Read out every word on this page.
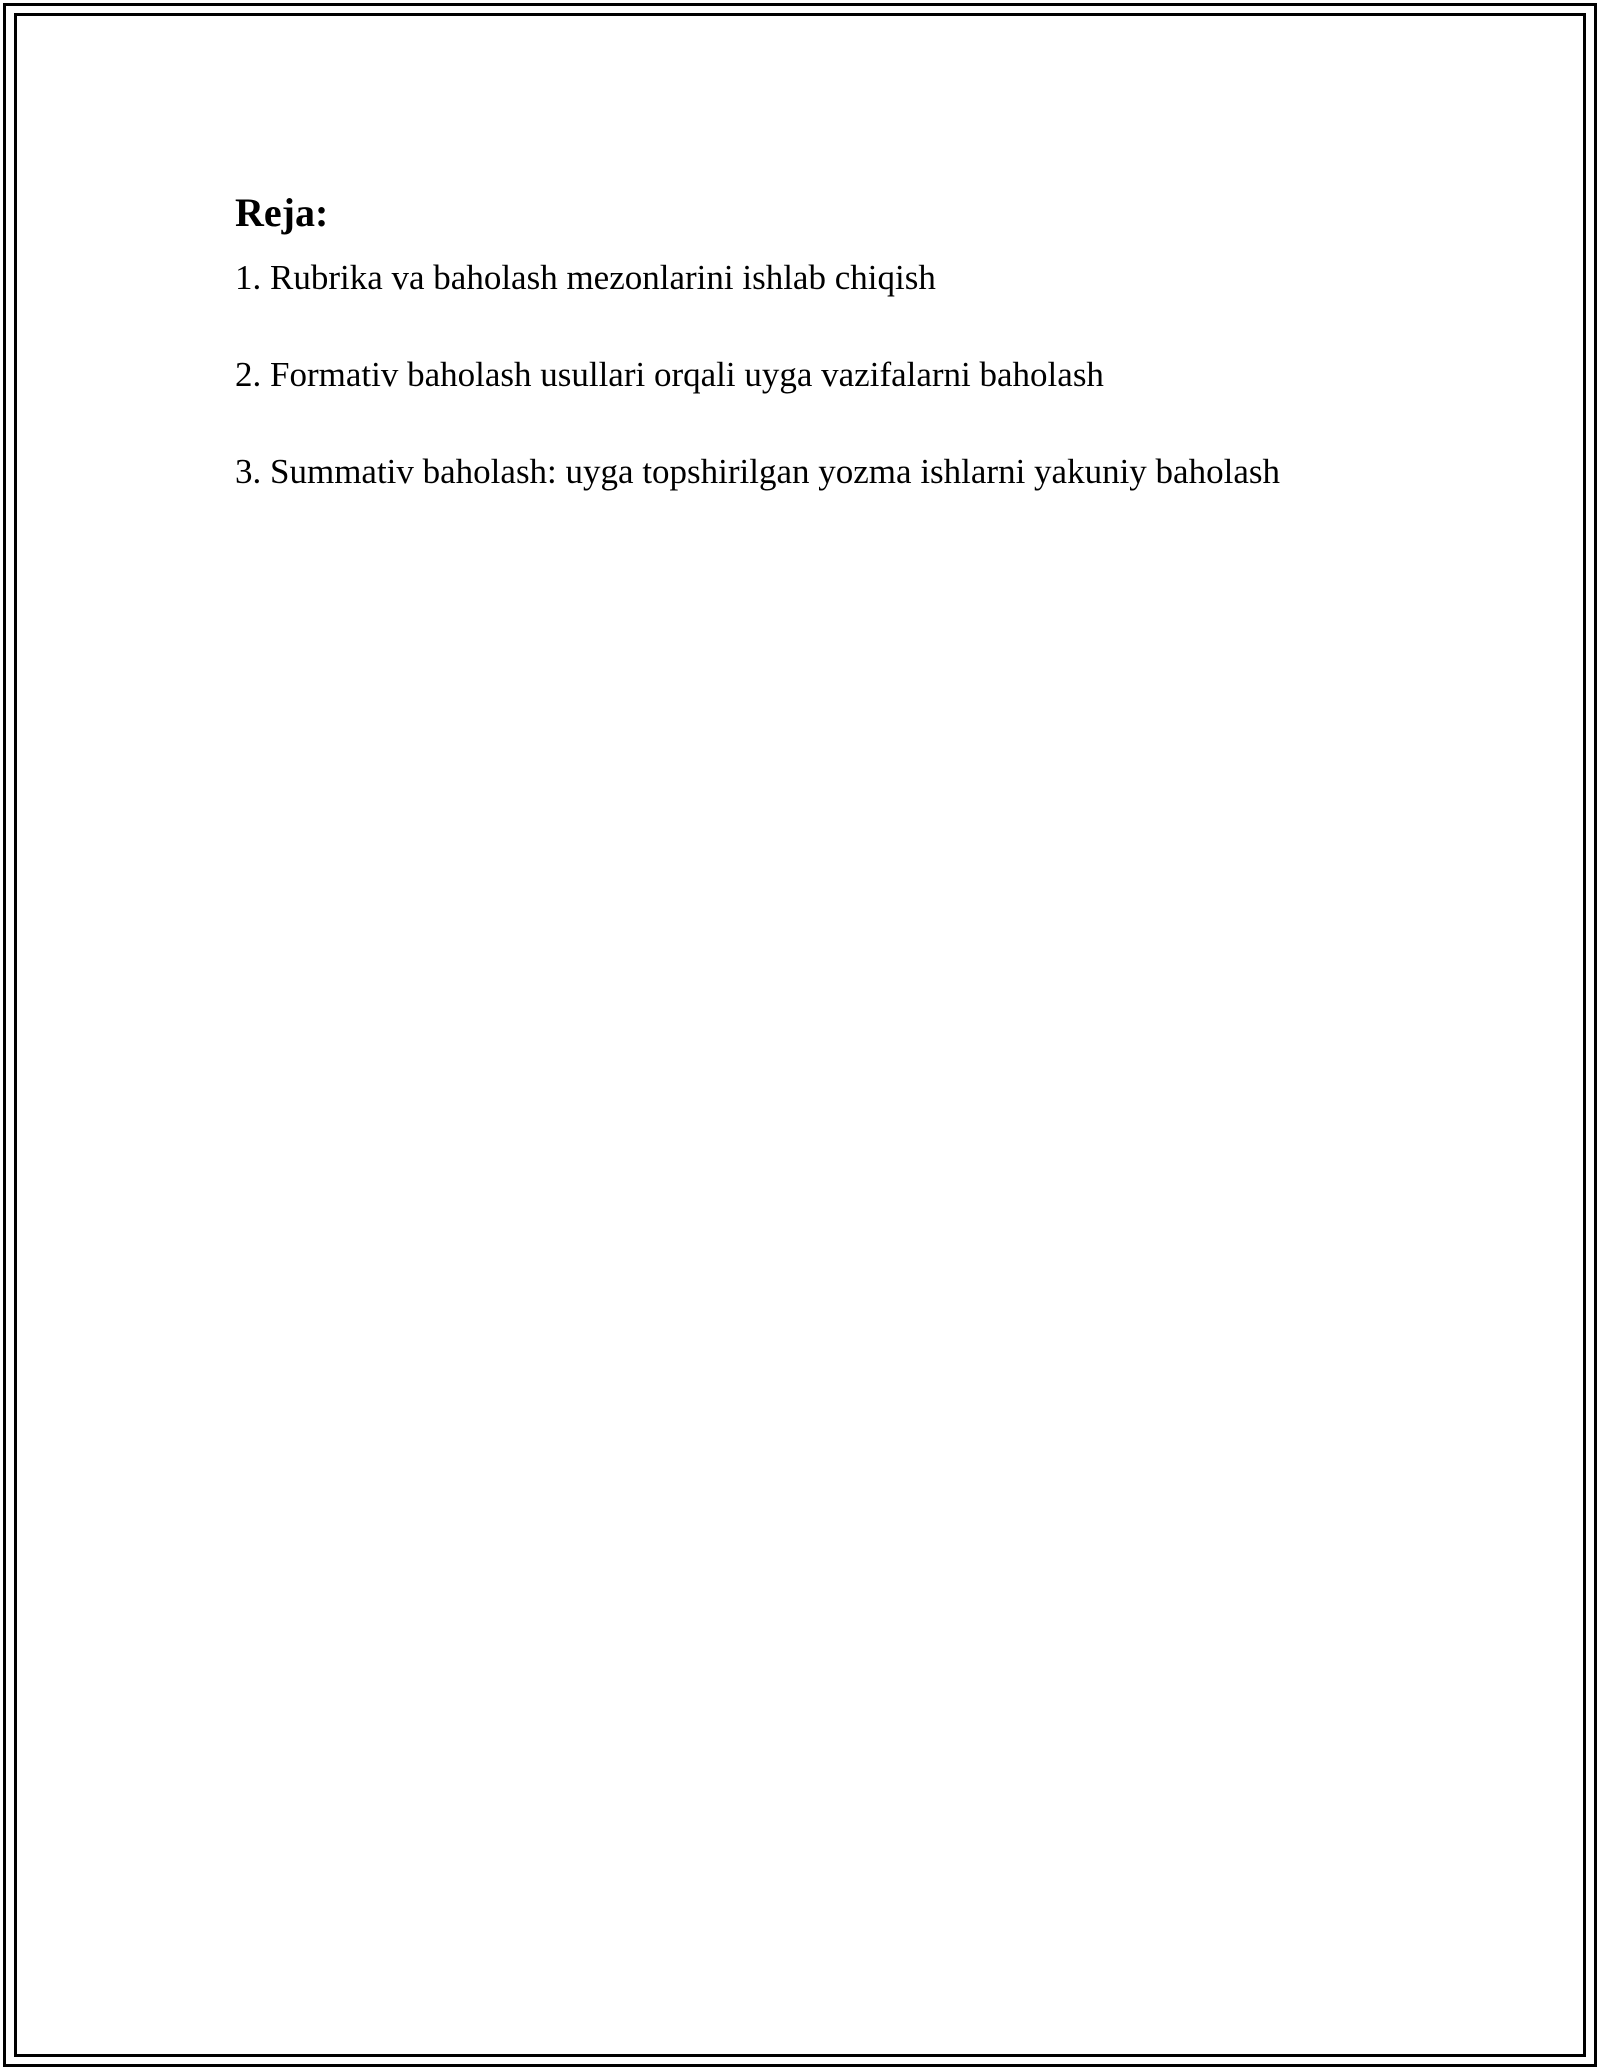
Reja:
1. Rubrika va baholash mezonlarini ishlab chiqish
2. Formativ baholash usullari orqali uyga vazifalarni baholash
3. Summativ baholash: uyga topshirilgan yozma ishlarni yakuniy baholash
